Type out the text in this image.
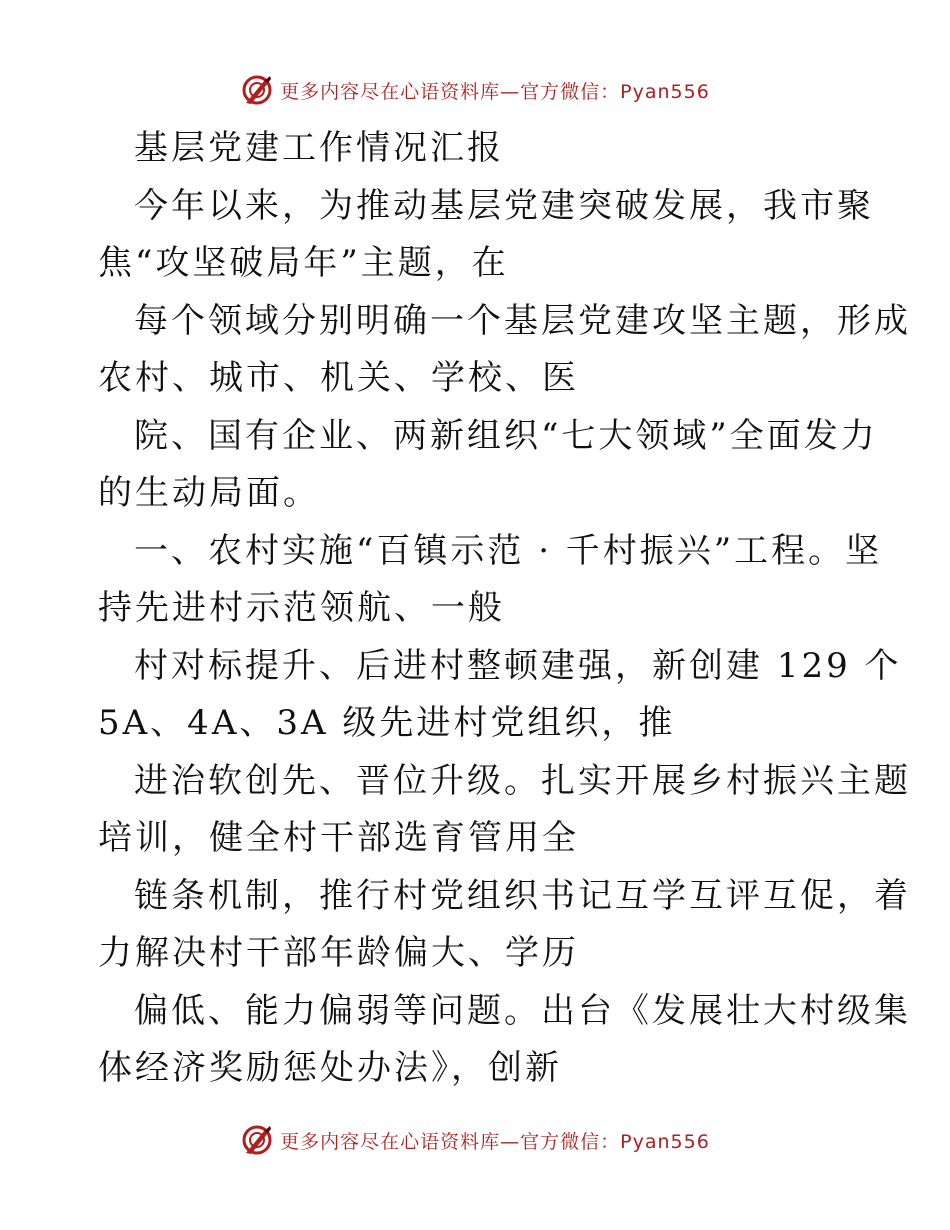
更多内容尽在心语资料库—官方微信：Pyan556

基层党建工作情况汇报

今年以来，为推动基层党建突破发展，我市聚

焦“攻坚破局年”主题，在

每个领域分别明确一个基层党建攻坚主题，形成

农村、城市、机关、学校、医

院、国有企业、两新组织“七大领域”全面发力

的生动局面。

一、农村实施“百镇示范 · 千村振兴”工程。坚

持先进村示范领航、一般

村对标提升、后进村整顿建强，新创建 129 个

5A、4A、3A 级先进村党组织，推

进治软创先、晋位升级。扎实开展乡村振兴主题

培训，健全村干部选育管用全

链条机制，推行村党组织书记互学互评互促，着

力解决村干部年龄偏大、学历

偏低、能力偏弱等问题。出台《发展壮大村级集

体经济奖励惩处办法》，创新

更多内容尽在心语资料库—官方微信：Pyan556
